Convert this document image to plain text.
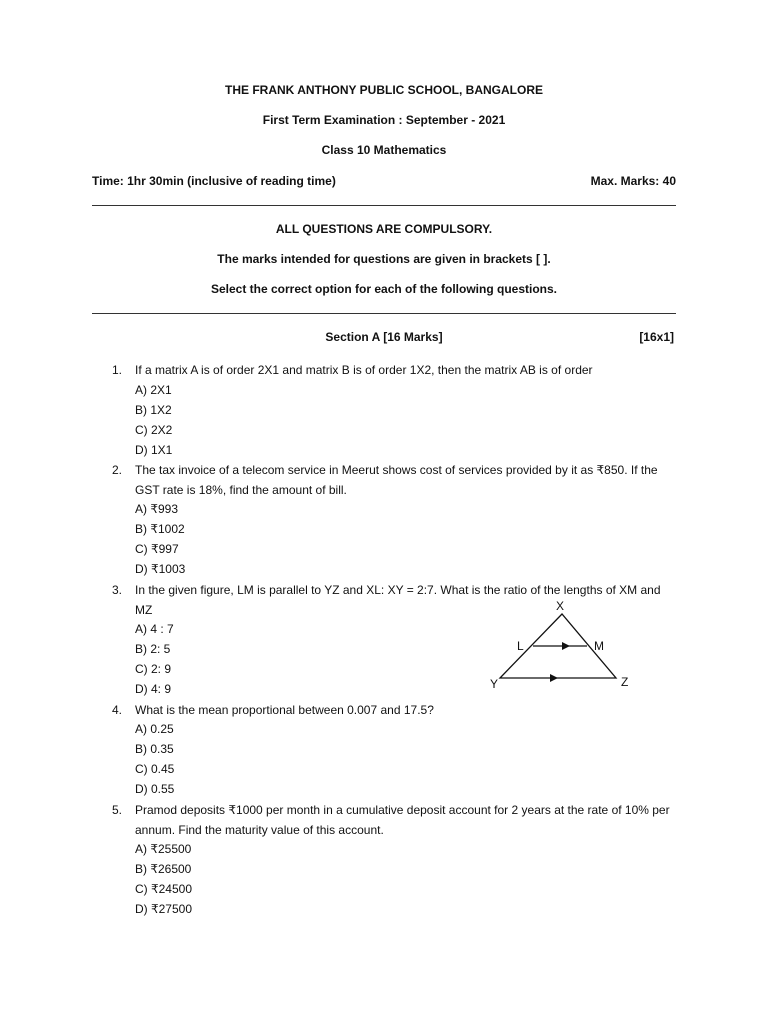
THE FRANK ANTHONY PUBLIC SCHOOL, BANGALORE
First Term Examination : September - 2021
Class 10 Mathematics
Time: 1hr 30min (inclusive of reading time)	Max. Marks: 40
ALL QUESTIONS ARE COMPULSORY.
The marks intended for questions are given in brackets [ ].
Select the correct option for each of the following questions.
Section A [16 Marks]	[16x1]
1. If a matrix A is of order 2X1 and matrix B is of order 1X2, then the matrix AB is of order
A) 2X1
B) 1X2
C) 2X2
D) 1X1
2. The tax invoice of a telecom service in Meerut shows cost of services provided by it as ₹850. If the GST rate is 18%, find the amount of bill.
A) ₹993
B) ₹1002
C) ₹997
D) ₹1003
3. In the given figure, LM is parallel to YZ and XL: XY = 2:7. What is the ratio of the lengths of XM and MZ
A) 4 : 7
B) 2: 5
C) 2: 9
D) 4: 9
X
L	M
Y	Z
4. What is the mean proportional between 0.007 and 17.5?
A) 0.25
B) 0.35
C) 0.45
D) 0.55
5. Pramod deposits ₹1000 per month in a cumulative deposit account for 2 years at the rate of 10% per annum. Find the maturity value of this account.
A) ₹25500
B) ₹26500
C) ₹24500
D) ₹27500
